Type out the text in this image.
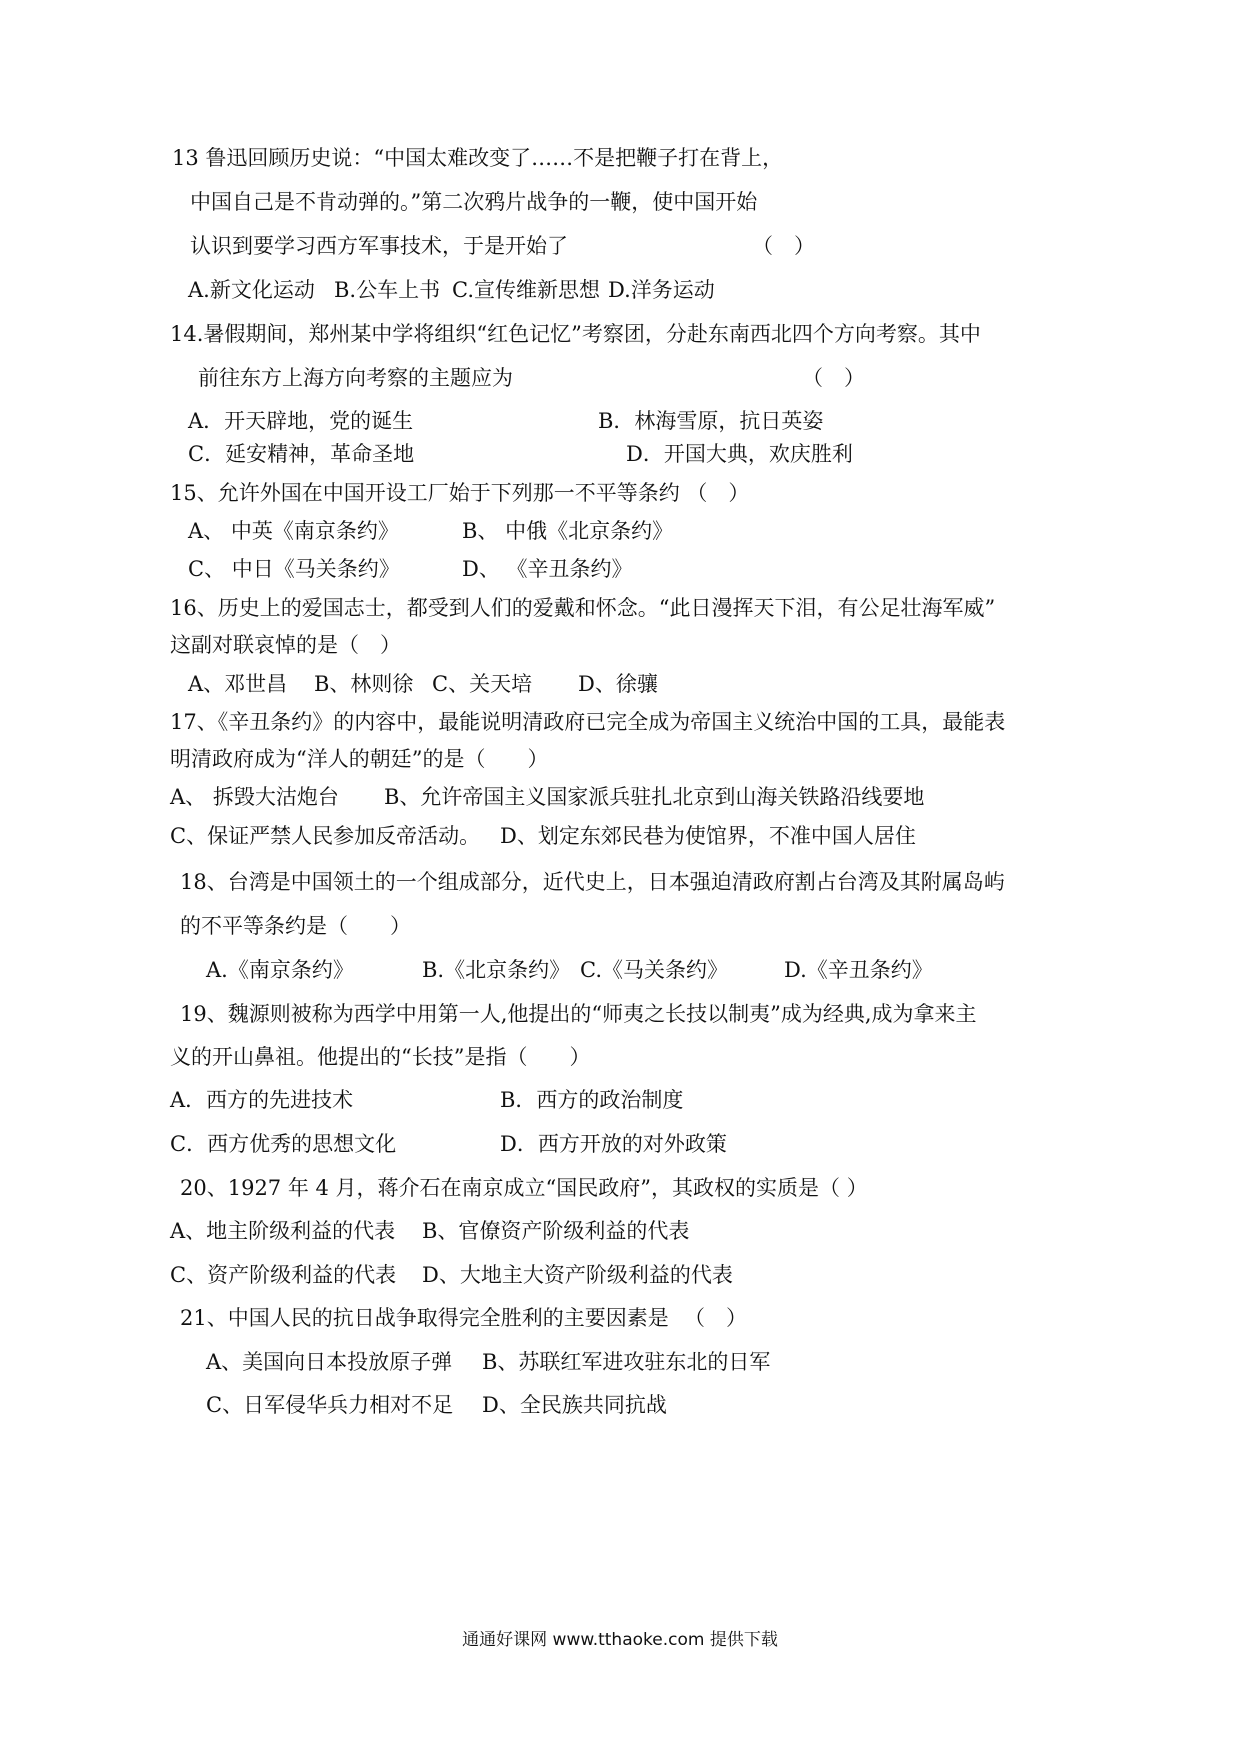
13 鲁迅回顾历史说：“中国太难改变了……不是把鞭子打在背上，
中国自己是不肯动弹的。”第二次鸦片战争的一鞭，使中国开始
认识到要学习西方军事技术，于是开始了	（　）
A.新文化运动 B.公车上书 C.宣传维新思想 D.洋务运动
14.暑假期间，郑州某中学将组织“红色记忆”考察团，分赴东南西北四个方向考察。其中
前往东方上海方向考察的主题应为	（　）
A．开天辟地，党的诞生	B．林海雪原，抗日英姿
C．延安精神，革命圣地	D．开国大典，欢庆胜利
15、允许外国在中国开设工厂始于下列那一不平等条约 （　）
A、 中英《南京条约》	B、 中俄《北京条约》
C、 中日《马关条约》	D、 《辛丑条约》
16、历史上的爱国志士，都受到人们的爱戴和怀念。“此日漫挥天下泪，有公足壮海军威”
这副对联哀悼的是（　）
A、邓世昌 B、林则徐 C、关天培 D、徐骧
17、《辛丑条约》的内容中，最能说明清政府已完全成为帝国主义统治中国的工具，最能表
明清政府成为“洋人的朝廷”的是（　　）
A、 拆毁大沽炮台 B、允许帝国主义国家派兵驻扎北京到山海关铁路沿线要地
C、保证严禁人民参加反帝活动。 D、划定东郊民巷为使馆界，不准中国人居住
18、台湾是中国领土的一个组成部分，近代史上，日本强迫清政府割占台湾及其附属岛屿
的不平等条约是（　　）
A.《南京条约》	B.《北京条约》 C.《马关条约》	D.《辛丑条约》
19、魏源则被称为西学中用第一人,他提出的“师夷之长技以制夷”成为经典,成为拿来主
义的开山鼻祖。他提出的“长技”是指（　　）
A．西方的先进技术	B．西方的政治制度
C．西方优秀的思想文化	D．西方开放的对外政策
20、1927 年 4 月，蒋介石在南京成立“国民政府”，其政权的实质是（ ）
A、地主阶级利益的代表 B、官僚资产阶级利益的代表
C、资产阶级利益的代表 D、大地主大资产阶级利益的代表
21、中国人民的抗日战争取得完全胜利的主要因素是 （　）
A、美国向日本投放原子弹 B、苏联红军进攻驻东北的日军
C、日军侵华兵力相对不足 D、全民族共同抗战
通通好课网 www.tthaoke.com 提供下载
